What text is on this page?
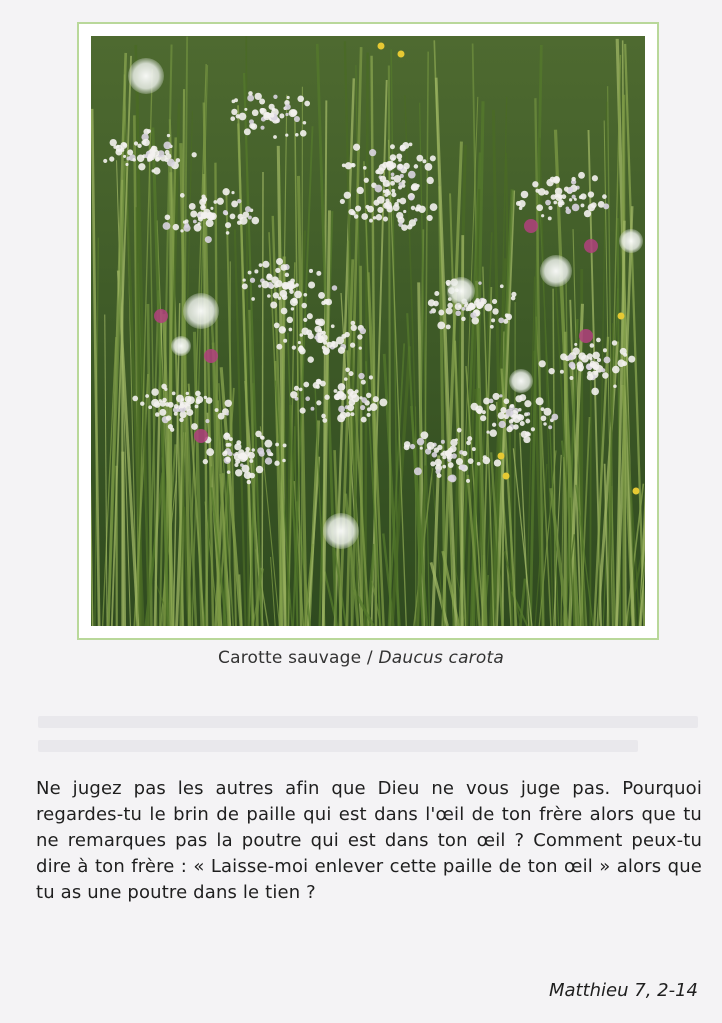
Carotte sauvage / Daucus carota
Ne jugez pas les autres afin que Dieu ne vous juge pas. Pourquoi regardes-tu le brin de paille qui est dans l'œil de ton frère alors que tu ne remarques pas la poutre qui est dans ton œil ? Comment peux-tu dire à ton frère : « Laisse-moi enlever cette paille de ton œil » alors que tu as une poutre dans le tien ?
Matthieu 7, 2-14
